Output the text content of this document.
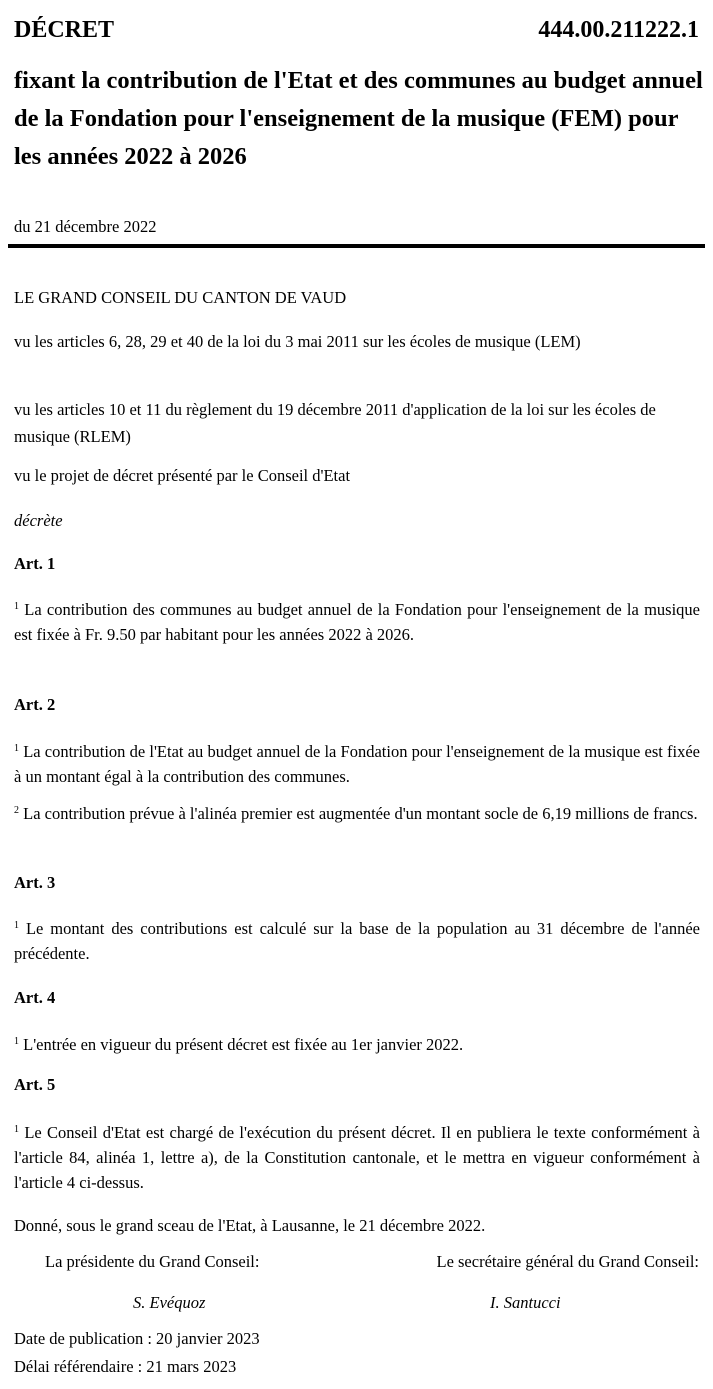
DÉCRET	444.00.211222.1
fixant la contribution de l'Etat et des communes au budget annuel de la Fondation pour l'enseignement de la musique (FEM) pour les années 2022 à 2026
du 21 décembre 2022
LE GRAND CONSEIL DU CANTON DE VAUD
vu les articles 6, 28, 29 et 40 de la loi du 3 mai 2011 sur les écoles de musique (LEM)
vu les articles 10 et 11 du règlement du 19 décembre 2011 d'application de la loi sur les écoles de musique (RLEM)
vu le projet de décret présenté par le Conseil d'Etat
décrète
Art. 1
$^1$ La contribution des communes au budget annuel de la Fondation pour l'enseignement de la musique est fixée à Fr. 9.50 par habitant pour les années 2022 à 2026.
Art. 2
$^1$ La contribution de l'Etat au budget annuel de la Fondation pour l'enseignement de la musique est fixée à un montant égal à la contribution des communes.
$^2$ La contribution prévue à l'alinéa premier est augmentée d'un montant socle de 6,19 millions de francs.
Art. 3
$^1$ Le montant des contributions est calculé sur la base de la population au 31 décembre de l'année précédente.
Art. 4
$^1$ L'entrée en vigueur du présent décret est fixée au 1er janvier 2022.
Art. 5
$^1$ Le Conseil d'Etat est chargé de l'exécution du présent décret. Il en publiera le texte conformément à l'article 84, alinéa 1, lettre a), de la Constitution cantonale, et le mettra en vigueur conformément à l'article 4 ci-dessus.
Donné, sous le grand sceau de l'Etat, à Lausanne, le 21 décembre 2022.
La présidente du Grand Conseil:	Le secrétaire général du Grand Conseil:
S. Evéquoz	I. Santucci
Date de publication : 20 janvier 2023
Délai référendaire : 21 mars 2023
